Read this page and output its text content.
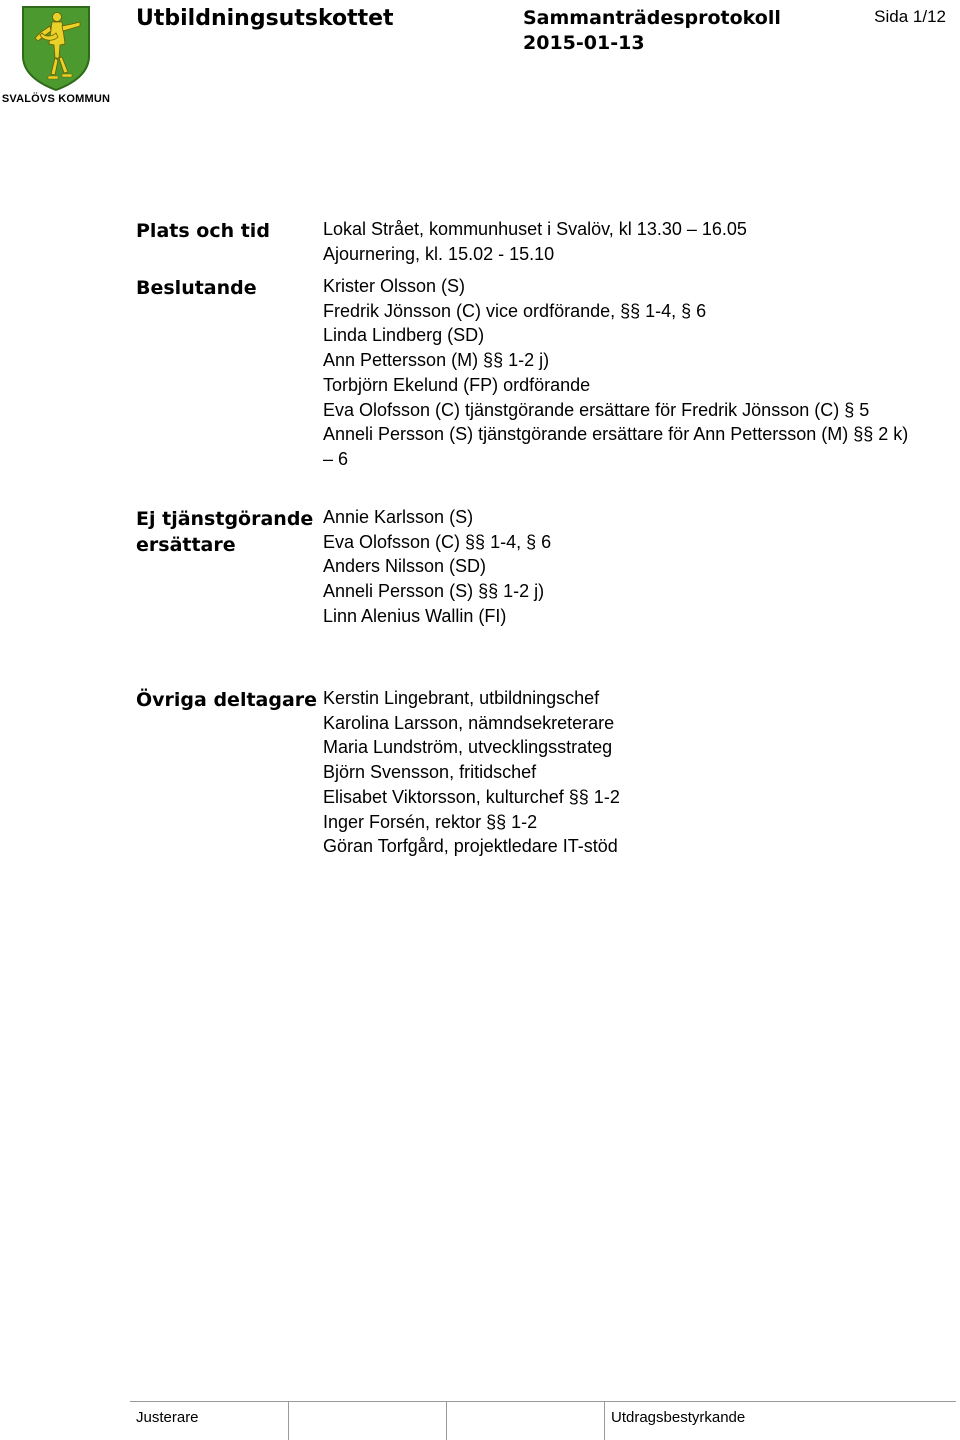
SVALÖVS KOMMUN
Utbildningsutskottet	Sammanträdesprotokoll
2015-01-13
Sida 1/12
Plats och tid	Lokal Strået, kommunhuset i Svalöv, kl 13.30 – 16.05
Ajournering, kl. 15.02 - 15.10
Beslutande	Krister Olsson (S)
Fredrik Jönsson (C) vice ordförande, §§ 1-4, § 6
Linda Lindberg (SD)
Ann Pettersson (M) §§ 1-2 j)
Torbjörn Ekelund (FP) ordförande
Eva Olofsson (C) tjänstgörande ersättare för Fredrik Jönsson (C) § 5
Anneli Persson (S) tjänstgörande ersättare för Ann Pettersson (M) §§ 2 k)
– 6
Ej tjänstgörande
ersättare
Annie Karlsson (S)
Eva Olofsson (C) §§ 1-4, § 6
Anders Nilsson (SD)
Anneli Persson (S) §§ 1-2 j)
Linn Alenius Wallin (FI)
Övriga deltagare Kerstin Lingebrant, utbildningschef
Karolina Larsson, nämndsekreterare
Maria Lundström, utvecklingsstrateg
Björn Svensson, fritidschef
Elisabet Viktorsson, kulturchef §§ 1-2
Inger Forsén, rektor §§ 1-2
Göran Torfgård, projektledare IT-stöd
Justerare	Utdragsbestyrkande
